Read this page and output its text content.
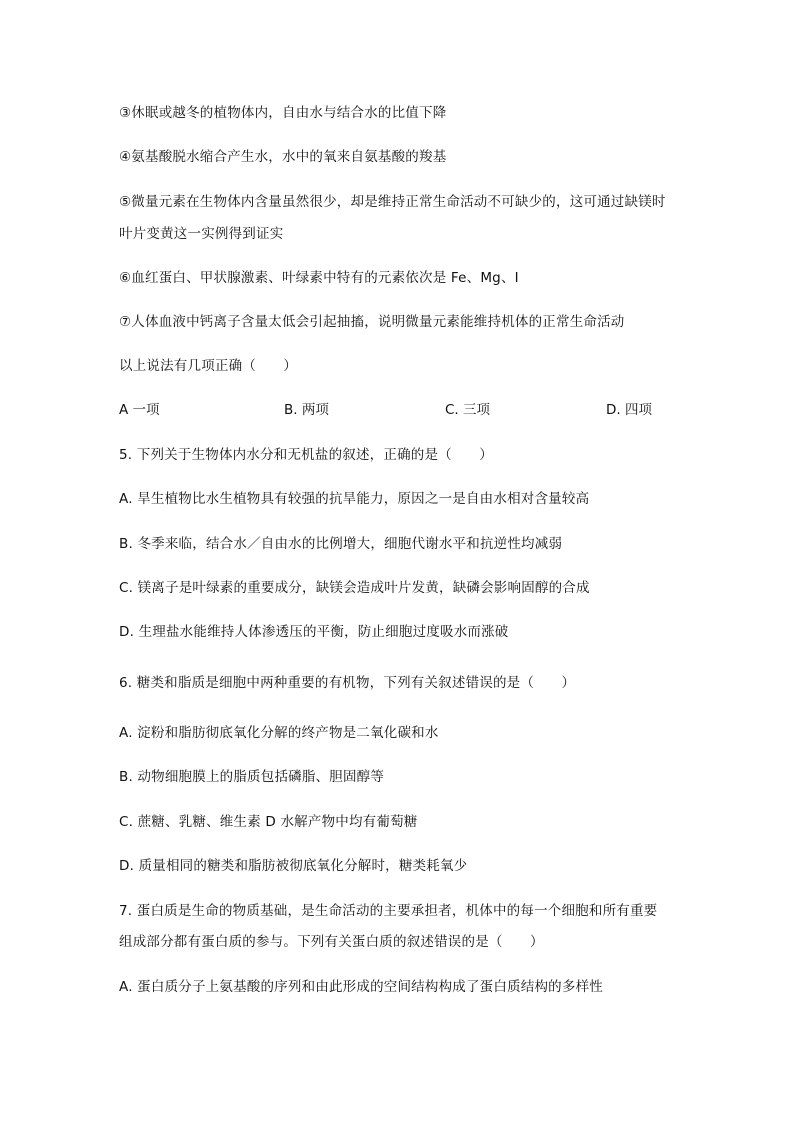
③休眠或越冬的植物体内，自由水与结合水的比值下降
④氨基酸脱水缩合产生水，水中的氧来自氨基酸的羧基
⑤微量元素在生物体内含量虽然很少，却是维持正常生命活动不可缺少的，这可通过缺镁时
叶片变黄这一实例得到证实
⑥血红蛋白、甲状腺激素、叶绿素中特有的元素依次是 Fe、Mg、I
⑦人体血液中钙离子含量太低会引起抽搐，说明微量元素能维持机体的正常生命活动
以上说法有几项正确（　　）
A 一项	B. 两项	C. 三项	D. 四项
5. 下列关于生物体内水分和无机盐的叙述，正确的是（　　）
A. 旱生植物比水生植物具有较强的抗旱能力，原因之一是自由水相对含量较高
B. 冬季来临，结合水／自由水的比例增大，细胞代谢水平和抗逆性均减弱
C. 镁离子是叶绿素的重要成分，缺镁会造成叶片发黄，缺磷会影响固醇的合成
D. 生理盐水能维持人体渗透压的平衡，防止细胞过度吸水而涨破
6. 糖类和脂质是细胞中两种重要的有机物，下列有关叙述错误的是（　　）
A. 淀粉和脂肪彻底氧化分解的终产物是二氧化碳和水
B. 动物细胞膜上的脂质包括磷脂、胆固醇等
C. 蔗糖、乳糖、维生素 D 水解产物中均有葡萄糖
D. 质量相同的糖类和脂肪被彻底氧化分解时，糖类耗氧少
7. 蛋白质是生命的物质基础，是生命活动的主要承担者，机体中的每一个细胞和所有重要
组成部分都有蛋白质的参与。下列有关蛋白质的叙述错误的是（　　）
A. 蛋白质分子上氨基酸的序列和由此形成的空间结构构成了蛋白质结构的多样性
